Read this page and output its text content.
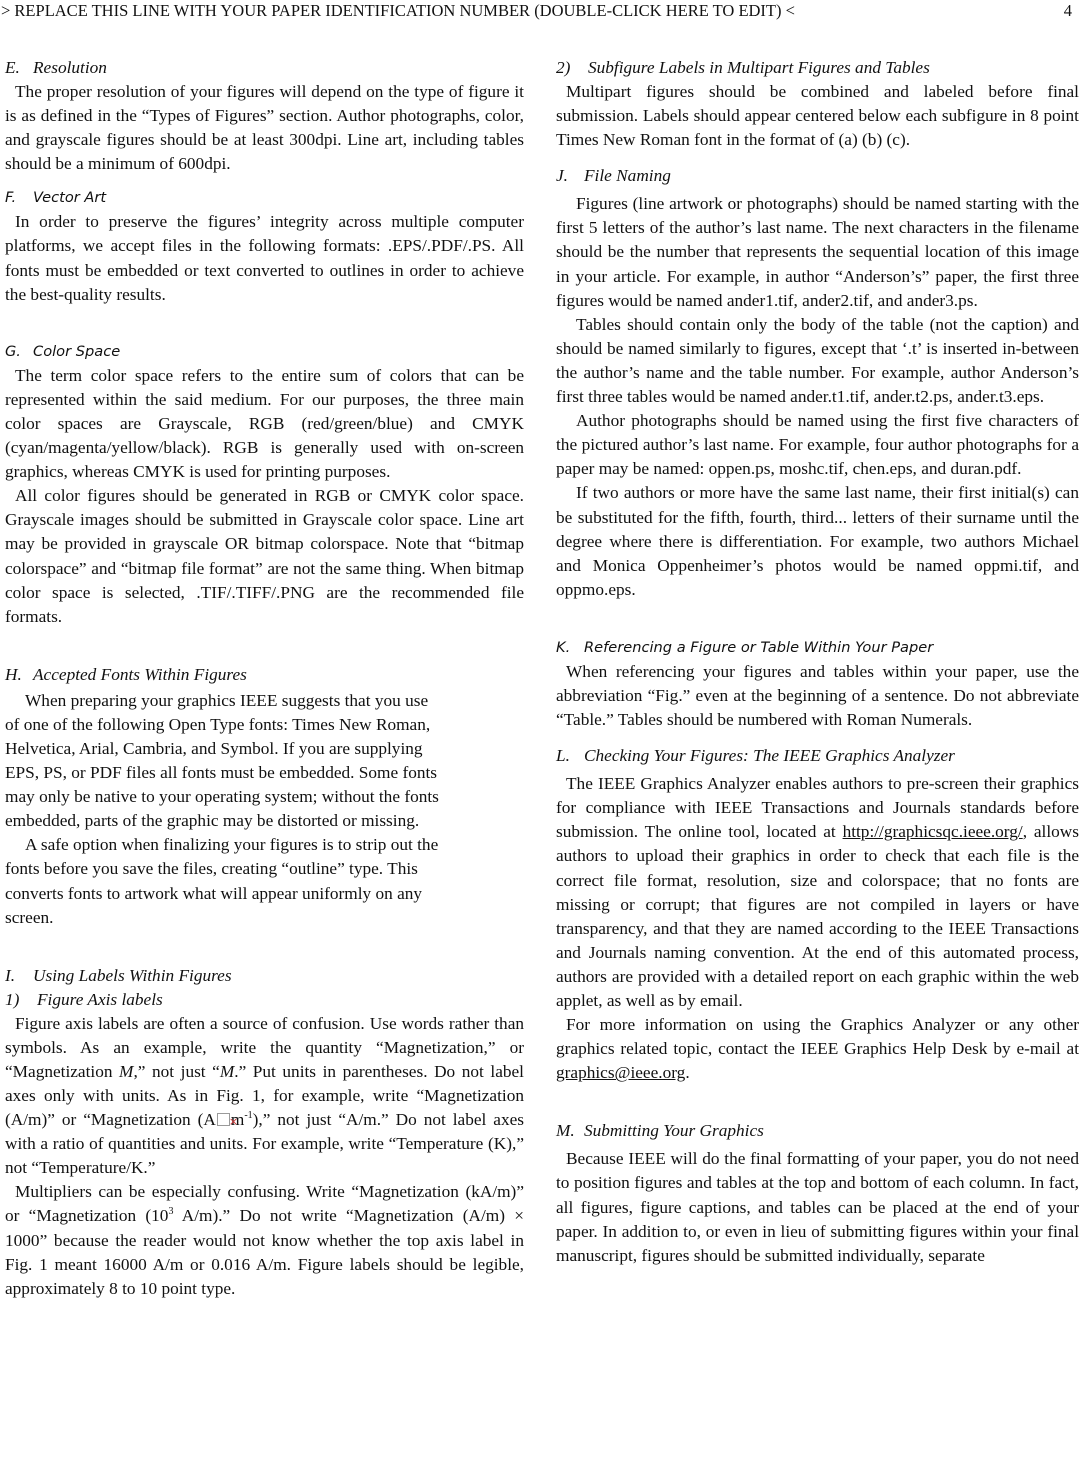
> REPLACE THIS LINE WITH YOUR PAPER IDENTIFICATION NUMBER (DOUBLE-CLICK HERE TO EDIT) <	4
E. Resolution

The proper resolution of your figures will depend on the type of figure it is as defined in the “Types of Figures” section. Author photographs, color, and grayscale figures should be at least 300dpi. Line art, including tables should be a minimum of 600dpi.

F. Vector Art

In order to preserve the figures’ integrity across multiple computer platforms, we accept files in the following formats: .EPS/.PDF/.PS. All fonts must be embedded or text converted to outlines in order to achieve the best-quality results.

G. Color Space

The term color space refers to the entire sum of colors that can be represented within the said medium. For our purposes, the three main color spaces are Grayscale, RGB (red/green/blue) and CMYK (cyan/magenta/yellow/black). RGB is generally used with on-screen graphics, whereas CMYK is used for printing purposes.

All color figures should be generated in RGB or CMYK color space. Grayscale images should be submitted in Grayscale color space. Line art may be provided in grayscale OR bitmap colorspace. Note that “bitmap colorspace” and “bitmap file format” are not the same thing. When bitmap color space is selected, .TIF/.TIFF/.PNG are the recommended file formats.

H. Accepted Fonts Within Figures

When preparing your graphics IEEE suggests that you use

of one of the following Open Type fonts: Times New Roman,

Helvetica, Arial, Cambria, and Symbol. If you are supplying

EPS, PS, or PDF files all fonts must be embedded. Some fonts

may only be native to your operating system; without the fonts

embedded, parts of the graphic may be distorted or missing.

A safe option when finalizing your figures is to strip out the

fonts before you save the files, creating “outline” type. This

converts fonts to artwork what will appear uniformly on any

screen.

I. Using Labels Within Figures
1) Figure Axis labels

Figure axis labels are often a source of confusion. Use words rather than symbols. As an example, write the quantity “Magnetization,” or “Magnetization M,” not just “M.” Put units in parentheses. Do not label axes only with units. As in Fig. 1, for example, write “Magnetization (A/m)” or “Magnetization $(A\times m^{-1})$,” not just “A/m.” Do not label axes with a ratio of quantities and units. For example, write “Temperature (K),” not “Temperature/K.”

Multipliers can be especially confusing. Write “Magnetization (kA/m)” or “Magnetization ($10^3$ A/m).” Do not write “Magnetization (A/m) × 1000” because the reader would not know whether the top axis label in Fig. 1 meant 16000 A/m or 0.016 A/m. Figure labels should be legible, approximately 8 to 10 point type.

2) Subfigure Labels in Multipart Figures and Tables

Multipart figures should be combined and labeled before final submission. Labels should appear centered below each subfigure in 8 point Times New Roman font in the format of (a) (b) (c).

J. File Naming

Figures (line artwork or photographs) should be named starting with the first 5 letters of the author’s last name. The next characters in the filename should be the number that represents the sequential location of this image in your article. For example, in author “Anderson’s” paper, the first three figures would be named ander1.tif, ander2.tif, and ander3.ps.

Tables should contain only the body of the table (not the caption) and should be named similarly to figures, except that ‘.t’ is inserted in-between the author’s name and the table number. For example, author Anderson’s first three tables would be named ander.t1.tif, ander.t2.ps, ander.t3.eps.

Author photographs should be named using the first five characters of the pictured author’s last name. For example, four author photographs for a paper may be named: oppen.ps, moshc.tif, chen.eps, and duran.pdf.

If two authors or more have the same last name, their first initial(s) can be substituted for the fifth, fourth, third... letters of their surname until the degree where there is differentiation. For example, two authors Michael and Monica Oppenheimer’s photos would be named oppmi.tif, and oppmo.eps.

K. Referencing a Figure or Table Within Your Paper

When referencing your figures and tables within your paper, use the abbreviation “Fig.” even at the beginning of a sentence. Do not abbreviate “Table.” Tables should be numbered with Roman Numerals.

L. Checking Your Figures: The IEEE Graphics Analyzer

The IEEE Graphics Analyzer enables authors to pre-screen their graphics for compliance with IEEE Transactions and Journals standards before submission. The online tool, located at http://graphicsqc.ieee.org/, allows authors to upload their graphics in order to check that each file is the correct file format, resolution, size and colorspace; that no fonts are missing or corrupt; that figures are not compiled in layers or have transparency, and that they are named according to the IEEE Transactions and Journals naming convention. At the end of this automated process, authors are provided with a detailed report on each graphic within the web applet, as well as by email.

For more information on using the Graphics Analyzer or any other graphics related topic, contact the IEEE Graphics Help Desk by e-mail at graphics@ieee.org.

M. Submitting Your Graphics

Because IEEE will do the final formatting of your paper, you do not need to position figures and tables at the top and bottom of each column. In fact, all figures, figure captions, and tables can be placed at the end of your paper. In addition to, or even in lieu of submitting figures within your final manuscript, figures should be submitted individually, separate
